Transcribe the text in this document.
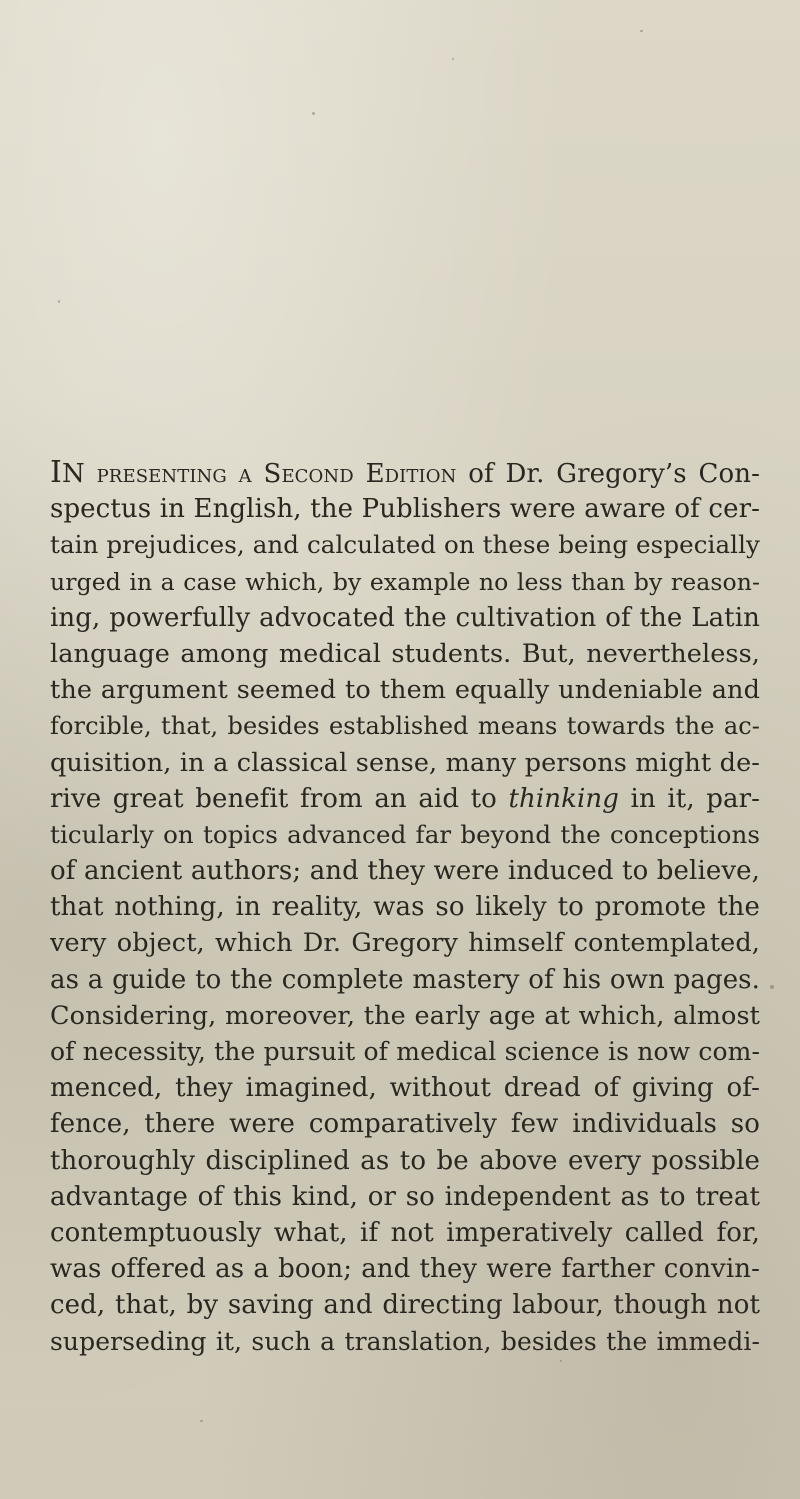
IN presenting a Second Edition of Dr. Gregory’s Con-
spectus in English, the Publishers were aware of cer-
tain prejudices, and calculated on these being especially
urged in a case which, by example no less than by reason-
ing, powerfully advocated the cultivation of the Latin
language among medical students. But, nevertheless,
the argument seemed to them equally undeniable and
forcible, that, besides established means towards the ac-
quisition, in a classical sense, many persons might de-
rive great benefit from an aid to thinking in it, par-
ticularly on topics advanced far beyond the conceptions
of ancient authors; and they were induced to believe,
that nothing, in reality, was so likely to promote the
very object, which Dr. Gregory himself contemplated,
as a guide to the complete mastery of his own pages.
Considering, moreover, the early age at which, almost
of necessity, the pursuit of medical science is now com-
menced, they imagined, without dread of giving of-
fence, there were comparatively few individuals so
thoroughly disciplined as to be above every possible
advantage of this kind, or so independent as to treat
contemptuously what, if not imperatively called for,
was offered as a boon; and they were farther convin-
ced, that, by saving and directing labour, though not
superseding it, such a translation, besides the immedi-
